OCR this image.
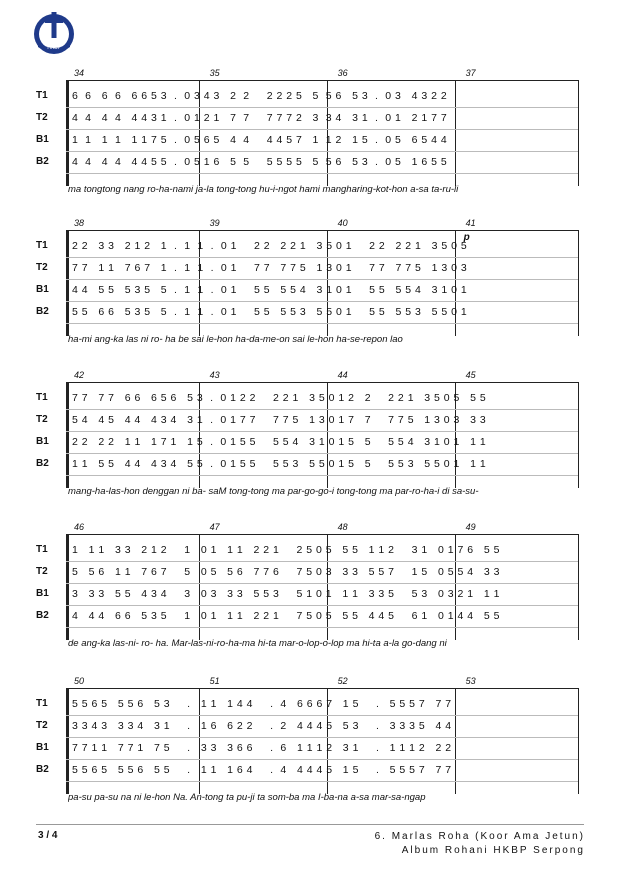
HKBP
34	35	36	37
T1 6  6   6  6   6 6 5 3  .  0 3 4 3   2  2     2 2 2 5   5  5 6   5 3  .  0 3   4 3 2 2
T2 4  4   4  4   4 4 3 1  .  0 1 2 1   7  7     7 7 7 2   3  3 4   3 1  .  0 1   2 1 7 7
B1 1  1   1  1   1 1 7 5  .  0 5 6 5   4  4     4 4 5 7   1  1 2   1 5  .  0 5   6 5 4 4
B2 4  4   4  4   4 4 5 5  .  0 5 1 6   5  5     5 5 5 5   5  5 6   5 3  .  0 5   1 6 5 5
ma tongtong nang ro-ha-nami ja-la tong-tong hu-i-ngot hami mangharing-kot-hon a-sa ta-ru-li
38	39	40	41
p
T1 2 2   3 3   2 1 2   1  .  1  1  .  0 1     2 2   2 2 1   3 5 0 1     2 2   2 2 1   3 5 0 5
T2 7 7   1 1   7 6 7   1  .  1  1  .  0 1     7 7   7 7 5   1 3 0 1     7 7   7 7 5   1 3 0 3
B1 4 4   5 5   5 3 5   5  .  1  1  .  0 1     5 5   5 5 4   3 1 0 1     5 5   5 5 4   3 1 0 1
B2 5 5   6 6   5 3 5   5  .  1  1  .  0 1     5 5   5 5 3   5 5 0 1     5 5   5 5 3   5 5 0 1
ha-mi ang-ka las ni ro- ha be sai le-hon ha-da-me-on sai le-hon ha-se-repon lao
42	43	44	45
T1 7 7   7 7   6 6   6 5 6   5 3  .  0 1 2 2     2 2 1   3 5 0 1 2   2     2 2 1   3 5 0 5   5 5
T2 5 4   4 5   4 4   4 3 4   3 1  .  0 1 7 7     7 7 5   1 3 0 1 7   7     7 7 5   1 3 0 3   3 3
B1 2 2   2 2   1 1   1 7 1   1 5  .  0 1 5 5     5 5 4   3 1 0 1 5   5     5 5 4   3 1 0 1   1 1
B2 1 1   5 5   4 4   4 3 4   5 5  .  0 1 5 5     5 5 3   5 5 0 1 5   5     5 5 3   5 5 0 1   1 1
mang-ha-las-hon denggan ni ba- saM tong-tong ma par-go-go-i tong-tong ma par-ro-ha-i di sa-su-
46	47	48	49
T1 1   1 1   3 3   2 1 2     1   0 1   1 1   2 2 1     2 5 0 5   5 5   1 1 2     3 1   0 1 7 6   5 5
T2 5   5 6   1 1   7 6 7     5   0 5   5 6   7 7 6     7 5 0 3   3 3   5 5 7     1 5   0 5 5 4   3 3
B1 3   3 3   5 5   4 3 4     3   0 3   3 3   5 5 3     5 1 0 1   1 1   3 3 5     5 3   0 3 2 1   1 1
B2 4   4 4   6 6   5 3 5     1   0 1   1 1   2 2 1     7 5 0 5   5 5   4 4 5     6 1   0 1 4 4   5 5
de ang-ka las-ni- ro- ha. Mar-las-ni-ro-ha-ma hi-ta mar-o-lop-o-lop ma hi-ta a-la go-dang ni
50	51	52	53
T1 5 5 6 5   5 5 6   5 3     .   1 1   1 4 4     .  4   6 6 6 7   1 5     .   5 5 5 7   7 7
T2 3 3 4 3   3 3 4   3 1     .   1 6   6 2 2     .  2   4 4 4 5   5 3     .   3 3 3 5   4 4
B1 7 7 1 1   7 7 1   7 5     .   3 3   3 6 6     .  6   1 1 1 2   3 1     .   1 1 1 2   2 2
B2 5 5 6 5   5 5 6   5 5     .   1 1   1 6 4     .  4   4 4 4 5   1 5     .   5 5 5 7   7 7
pa-su pa-su na ni le-hon Na. An-tong ta pu-ji ta som-ba ma I-ba-na a-sa mar-sa-ngap
3 / 4	6. Marlas Roha (Koor Ama Jetun)
Album Rohani HKBP Serpong
